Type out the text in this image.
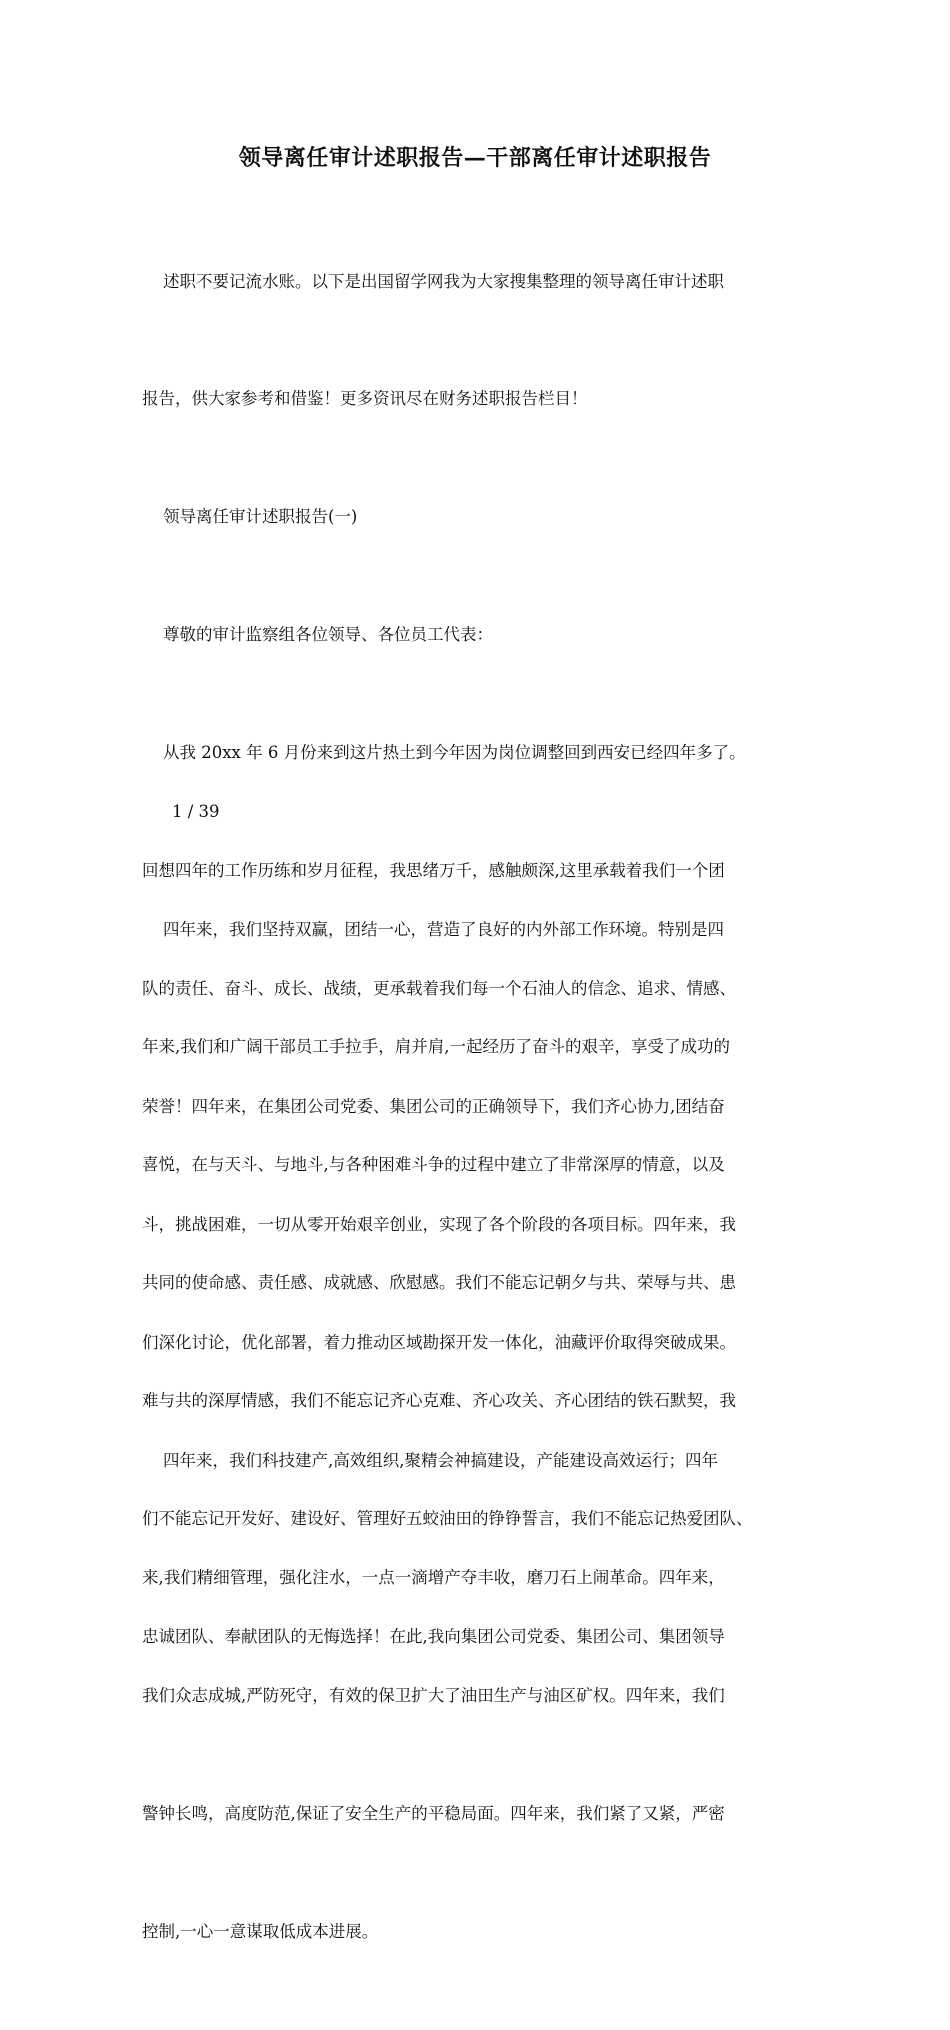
领导离任审计述职报告—干部离任审计述职报告

述职不要记流水账。以下是出国留学网我为大家搜集整理的领导离任审计述职

报告，供大家参考和借鉴！更多资讯尽在财务述职报告栏目！

领导离任审计述职报告(一)

尊敬的审计监察组各位领导、各位员工代表：

从我 20xx 年 6 月份来到这片热土到今年因为岗位调整回到西安已经四年多了。

回想四年的工作历练和岁月征程，我思绪万千，感触颇深,这里承载着我们一个团

队的责任、奋斗、成长、战绩，更承载着我们每一个石油人的信念、追求、情感、

荣誉！四年来，在集团公司党委、集团公司的正确领导下，我们齐心协力,团结奋

斗，挑战困难，一切从零开始艰辛创业，实现了各个阶段的各项目标。四年来，我

们深化讨论，优化部署，着力推动区域勘探开发一体化，油藏评价取得突破成果。

四年来，我们科技建产,高效组织,聚精会神搞建设，产能建设高效运行；四年

来,我们精细管理，强化注水，一点一滴增产夺丰收，磨刀石上闹革命。四年来，

我们众志成城,严防死守，有效的保卫扩大了油田生产与油区矿权。四年来，我们

警钟长鸣，高度防范,保证了安全生产的平稳局面。四年来，我们紧了又紧，严密

控制,一心一意谋取低成本进展。

1 / 39

四年来，我们坚持双赢，团结一心，营造了良好的内外部工作环境。特别是四

年来,我们和广阔干部员工手拉手，肩并肩,一起经历了奋斗的艰辛，享受了成功的

喜悦，在与天斗、与地斗,与各种困难斗争的过程中建立了非常深厚的情意，以及

共同的使命感、责任感、成就感、欣慰感。我们不能忘记朝夕与共、荣辱与共、患

难与共的深厚情感，我们不能忘记齐心克难、齐心攻关、齐心团结的铁石默契，我

们不能忘记开发好、建设好、管理好五蛟油田的铮铮誓言，我们不能忘记热爱团队、

忠诚团队、奉献团队的无悔选择！在此,我向集团公司党委、集团公司、集团领导
